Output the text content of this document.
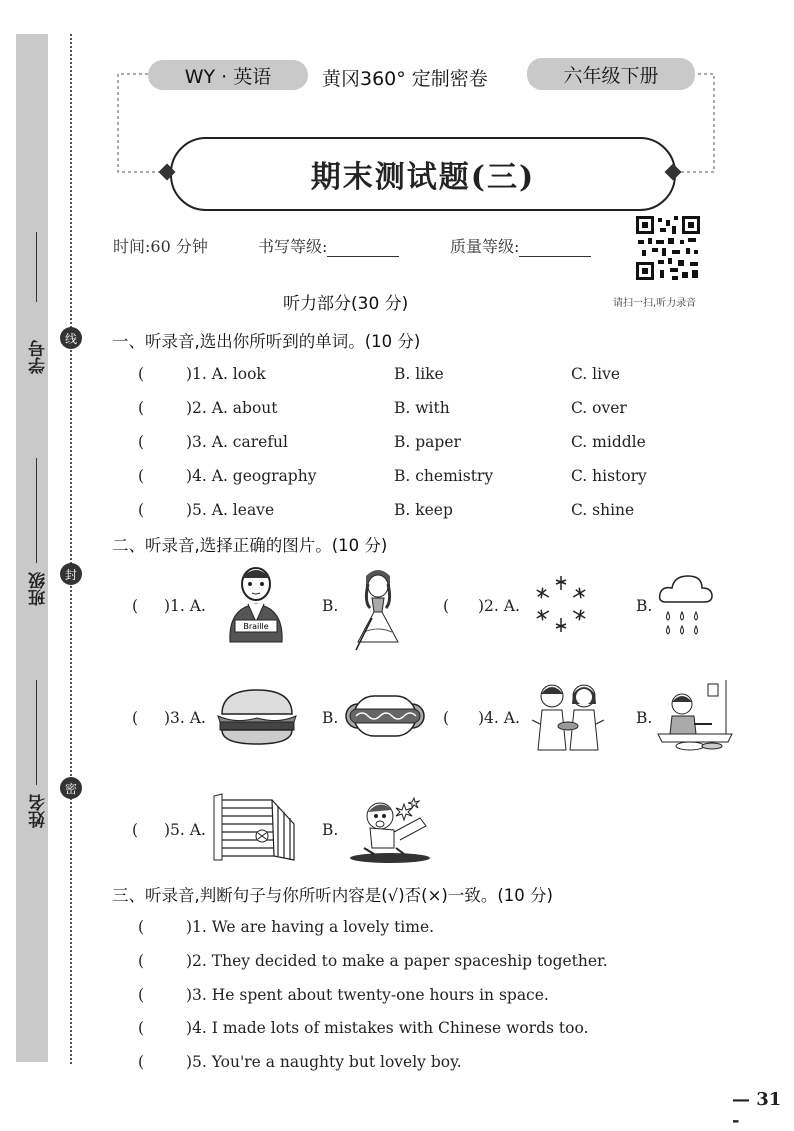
学号
班级
姓名
线
封
密
WY · 英语	黄冈360° 定制密卷	六年级下册
期末测试题(三)
时间:60 分钟	书写等级:	质量等级:
请扫一扫,听力录音
听力部分(30 分)
一、听录音,选出你所听到的单词。(10 分)
(	)1. A. look	B. like	C. live
(	)2. A. about	B. with	C. over
(	)3. A. careful	B. paper	C. middle
(	)4. A. geography	B. chemistry	C. history
(	)5. A. leave	B. keep	C. shine
二、听录音,选择正确的图片。(10 分)
( )1. A.
Braille
B.	( )2. A.	B.
( )3. A.	B.	( )4. A.	B.
( )5. A.	B.
三、听录音,判断句子与你所听内容是(√)否(×)一致。(10 分)
(	)1. We are having a lovely time.
(	)2. They decided to make a paper spaceship together.
(	)3. He spent about twenty-one hours in space.
(	)4. I made lots of mistakes with Chinese words too.
(	)5. You're a naughty but lovely boy.
— 31 -
